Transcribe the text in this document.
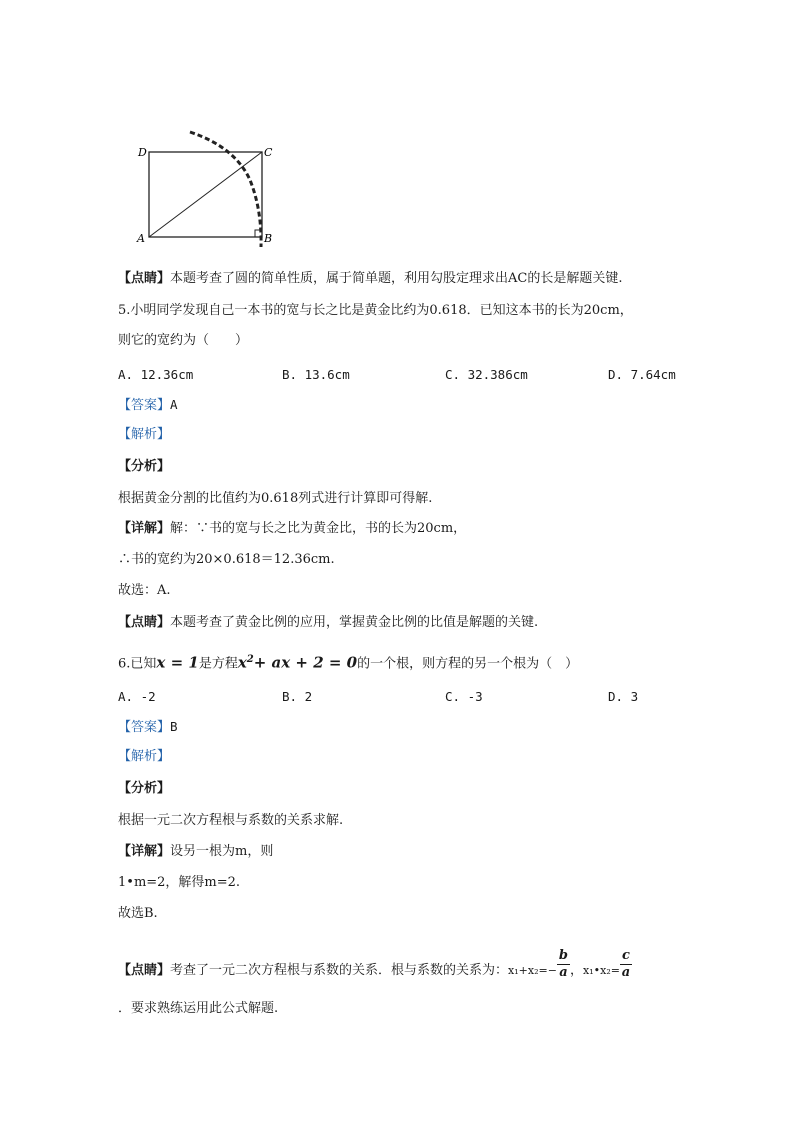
D	C
A	B
【点睛】本题考查了圆的简单性质，属于简单题，利用勾股定理求出AC的长是解题关键.
5.小明同学发现自己一本书的宽与长之比是黄金比约为0.618．已知这本书的长为20cm，
则它的宽约为（　　）
A. 12.36cm	B. 13.6cm	C. 32.386cm	D. 7.64cm
【答案】A
【解析】
【分析】
根据黄金分割的比值约为0.618列式进行计算即可得解.
【详解】解：∵书的宽与长之比为黄金比，书的长为20cm，
∴书的宽约为20×0.618＝12.36cm.
故选：A.
【点睛】本题考查了黄金比例的应用，掌握黄金比例的比值是解题的关键.
6.已知x = 1是方程$x^2+$ ax + 2 = 0的一个根，则方程的另一个根为（　）
A. -2	B. 2	C. -3	D. 3
【答案】B
【解析】
【分析】
根据一元二次方程根与系数的关系求解.
【详解】设另一根为m，则
1•m=2，解得m=2.
故选B.
【点睛】考查了一元二次方程根与系数的关系．根与系数的关系为：$x_1+x_2=- \frac{b}{a}$ ，x₁•x₂= $\frac{c}{a}$
．要求熟练运用此公式解题.
